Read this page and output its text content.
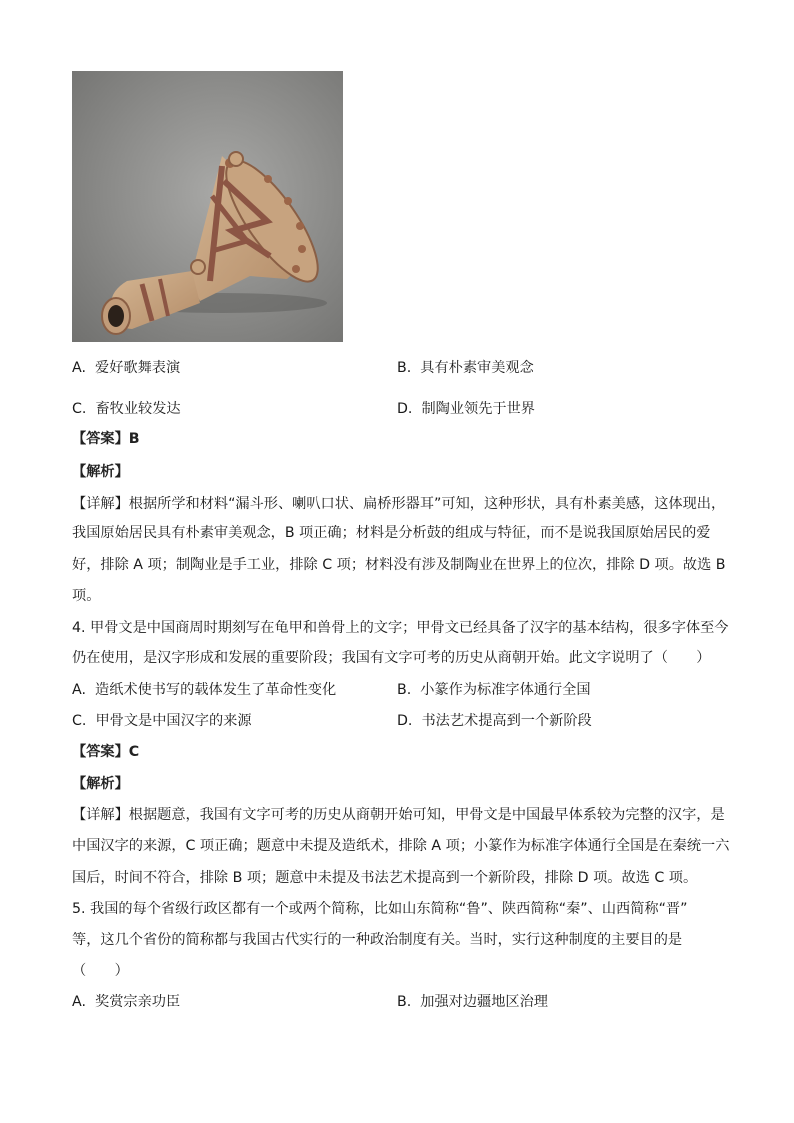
A. 爱好歌舞表演	B. 具有朴素审美观念
C. 畜牧业较发达	D. 制陶业领先于世界
【答案】B
【解析】
【详解】根据所学和材料“漏斗形、喇叭口状、扁桥形器耳”可知，这种形状，具有朴素美感，这体现出，
我国原始居民具有朴素审美观念，B 项正确；材料是分析鼓的组成与特征，而不是说我国原始居民的爱
好，排除 A 项；制陶业是手工业，排除 C 项；材料没有涉及制陶业在世界上的位次，排除 D 项。故选 B
项。
4. 甲骨文是中国商周时期刻写在龟甲和兽骨上的文字；甲骨文已经具备了汉字的基本结构，很多字体至今
仍在使用，是汉字形成和发展的重要阶段；我国有文字可考的历史从商朝开始。此文字说明了（　　）
A. 造纸术使书写的载体发生了革命性变化	B. 小篆作为标准字体通行全国
C. 甲骨文是中国汉字的来源	D. 书法艺术提高到一个新阶段
【答案】C
【解析】
【详解】根据题意，我国有文字可考的历史从商朝开始可知，甲骨文是中国最早体系较为完整的汉字，是
中国汉字的来源，C 项正确；题意中未提及造纸术，排除 A 项；小篆作为标准字体通行全国是在秦统一六
国后，时间不符合，排除 B 项；题意中未提及书法艺术提高到一个新阶段，排除 D 项。故选 C 项。
5. 我国的每个省级行政区都有一个或两个简称，比如山东简称“鲁”、陕西简称“秦”、山西简称“晋”
等，这几个省份的简称都与我国古代实行的一种政治制度有关。当时，实行这种制度的主要目的是
（　　）
A. 奖赏宗亲功臣	B. 加强对边疆地区治理
